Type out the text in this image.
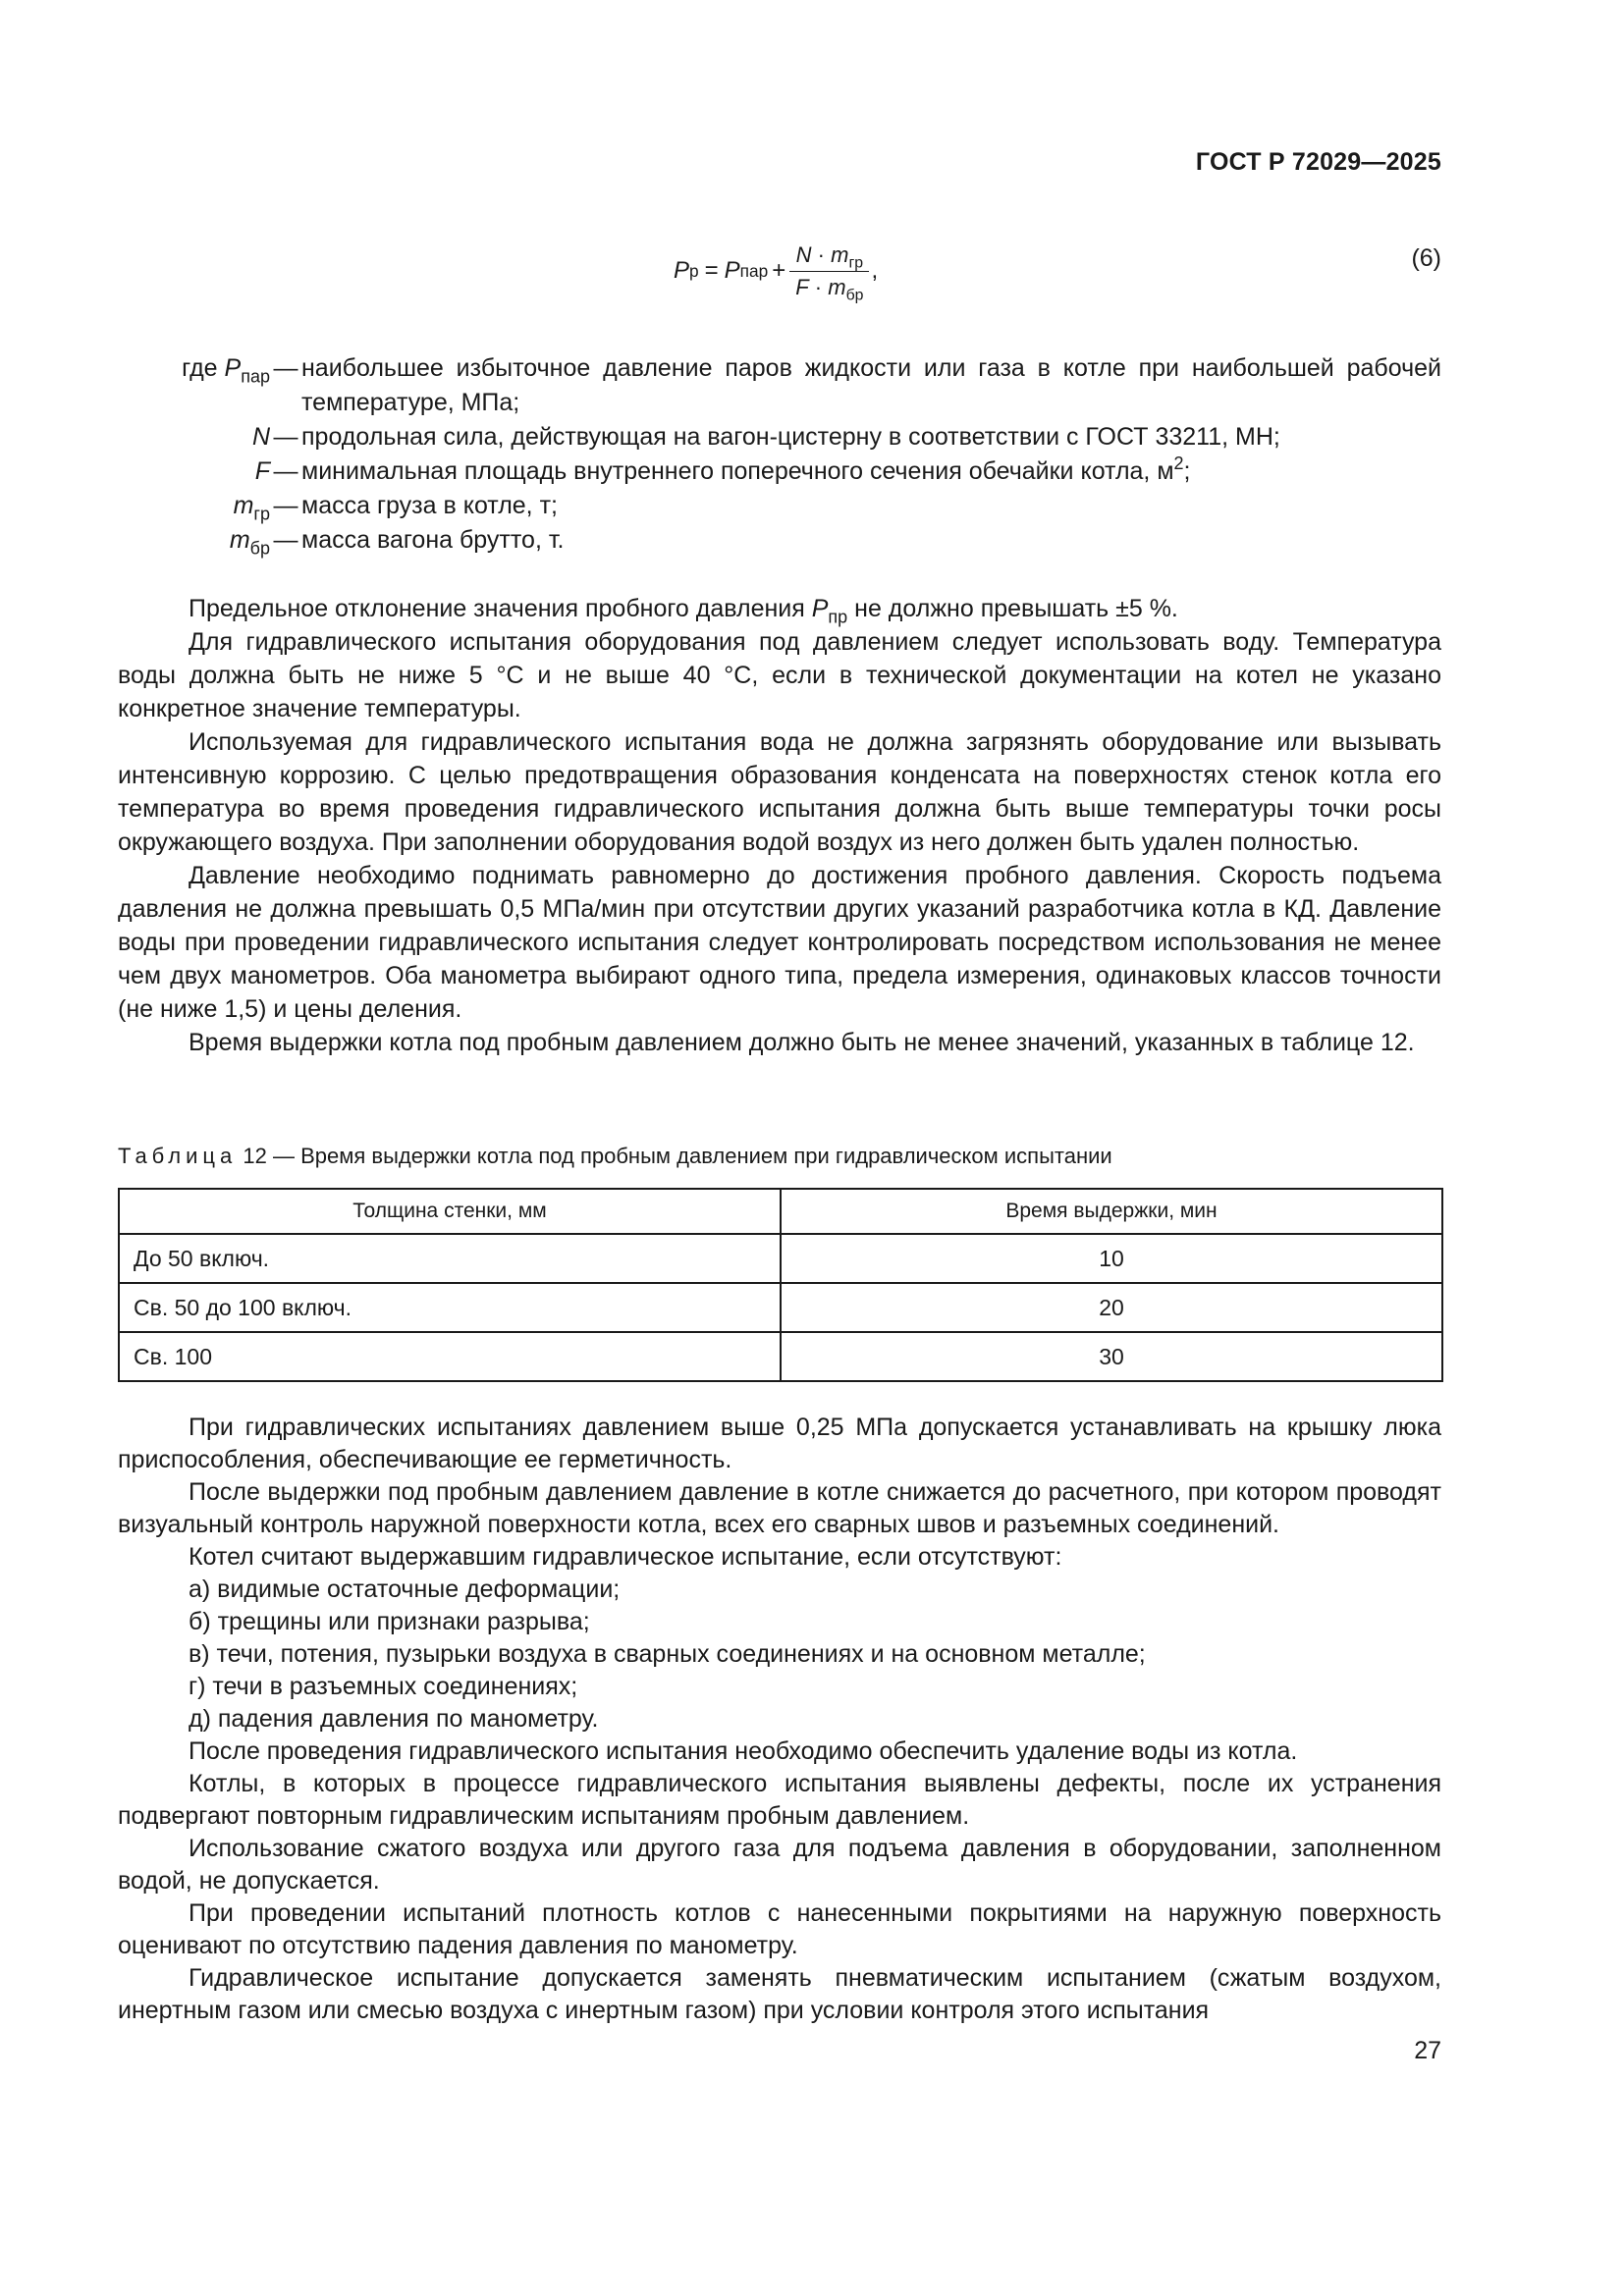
ГОСТ Р 72029—2025
P р = P пар + $\frac{N \cdot m_{гр}}{F \cdot m_{бр}}$ ,	(6)
где $P_{пар}$ — наибольшее избыточное давление паров жидкости или газа в котле при наибольшей рабочей температуре, МПа;
N — продольная сила, действующая на вагон-цистерну в соответствии с ГОСТ 33211, МН;
F — минимальная площадь внутреннего поперечного сечения обечайки котла, $м^2$;
$m_{гр}$ — масса груза в котле, т;
$m_{бр}$ — масса вагона брутто, т.

Предельное отклонение значения пробного давления $P_{пр}$ не должно превышать ±5 %.

Для гидравлического испытания оборудования под давлением следует использовать воду. Температура воды должна быть не ниже 5 °С и не выше 40 °С, если в технической документации на котел не указано конкретное значение температуры.

Используемая для гидравлического испытания вода не должна загрязнять оборудование или вызывать интенсивную коррозию. С целью предотвращения образования конденсата на поверхностях стенок котла его температура во время проведения гидравлического испытания должна быть выше температуры точки росы окружающего воздуха. При заполнении оборудования водой воздух из него должен быть удален полностью.

Давление необходимо поднимать равномерно до достижения пробного давления. Скорость подъема давления не должна превышать 0,5 МПа/мин при отсутствии других указаний разработчика котла в КД. Давление воды при проведении гидравлического испытания следует контролировать посредством использования не менее чем двух манометров. Оба манометра выбирают одного типа, предела измерения, одинаковых классов точности (не ниже 1,5) и цены деления.

Время выдержки котла под пробным давлением должно быть не менее значений, указанных в таблице 12.

Таблица 12 — Время выдержки котла под пробным давлением при гидравлическом испытании
Толщина стенки, мм	Время выдержки, мин
До 50 включ.	10
Св. 50 до 100 включ.	20
Св. 100	30

При гидравлических испытаниях давлением выше 0,25 МПа допускается устанавливать на крышку люка приспособления, обеспечивающие ее герметичность.

После выдержки под пробным давлением давление в котле снижается до расчетного, при котором проводят визуальный контроль наружной поверхности котла, всех его сварных швов и разъемных соединений.

Котел считают выдержавшим гидравлическое испытание, если отсутствуют:

а) видимые остаточные деформации;

б) трещины или признаки разрыва;

в) течи, потения, пузырьки воздуха в сварных соединениях и на основном металле;

г) течи в разъемных соединениях;

д) падения давления по манометру.

После проведения гидравлического испытания необходимо обеспечить удаление воды из котла.

Котлы, в которых в процессе гидравлического испытания выявлены дефекты, после их устранения подвергают повторным гидравлическим испытаниям пробным давлением.

Использование сжатого воздуха или другого газа для подъема давления в оборудовании, заполненном водой, не допускается.

При проведении испытаний плотность котлов с нанесенными покрытиями на наружную поверхность оценивают по отсутствию падения давления по манометру.

Гидравлическое испытание допускается заменять пневматическим испытанием (сжатым воздухом, инертным газом или смесью воздуха с инертным газом) при условии контроля этого испытания

27
